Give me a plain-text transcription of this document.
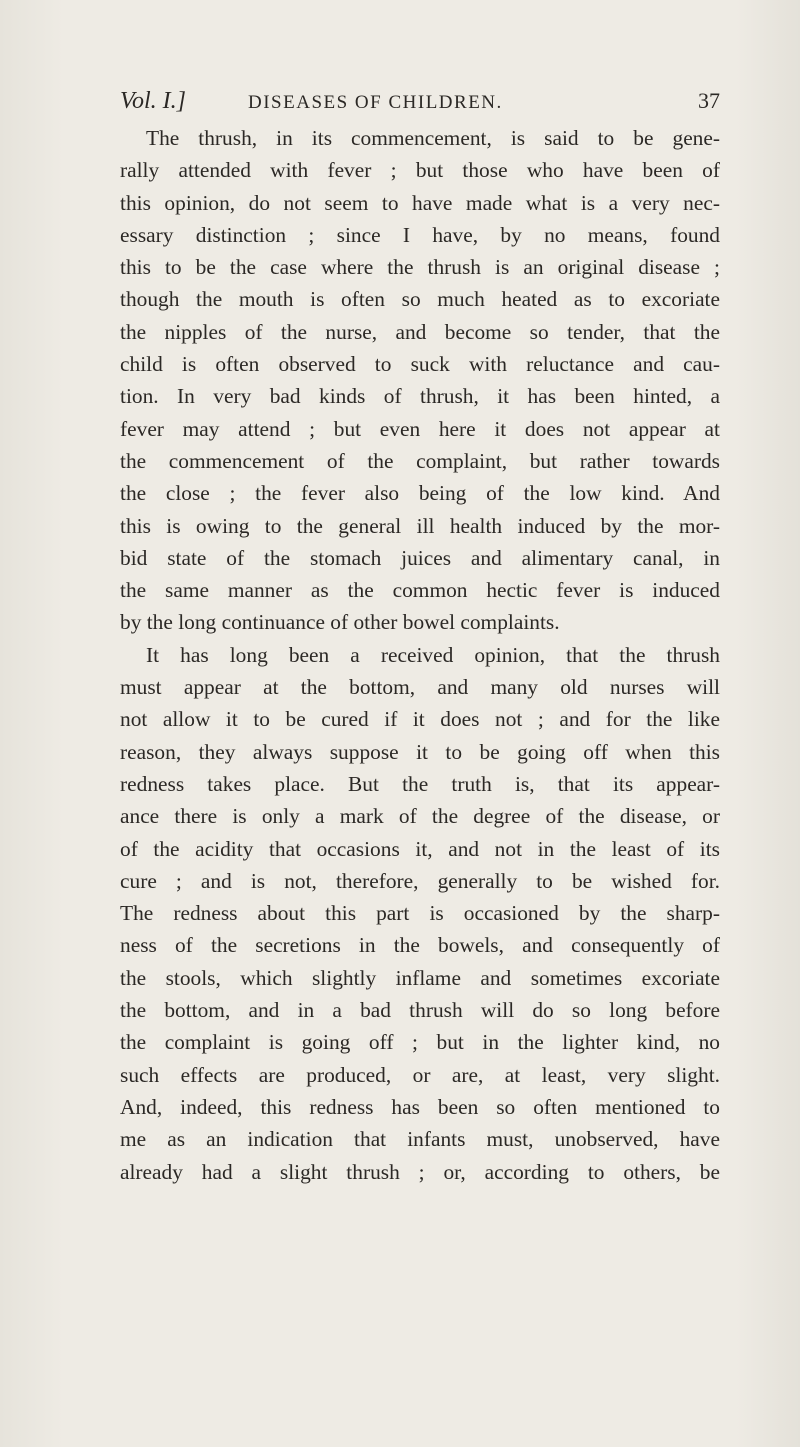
Vol. I.]	DISEASES OF CHILDREN.	37
The thrush, in its commencement, is said to be gene-
rally attended with fever ; but those who have been of
this opinion, do not seem to have made what is a very nec-
essary distinction ; since I have, by no means, found
this to be the case where the thrush is an original disease ;
though the mouth is often so much heated as to excoriate
the nipples of the nurse, and become so tender, that the
child is often observed to suck with reluctance and cau-
tion. In very bad kinds of thrush, it has been hinted, a
fever may attend ; but even here it does not appear at
the commencement of the complaint, but rather towards
the close ; the fever also being of the low kind. And
this is owing to the general ill health induced by the mor-
bid state of the stomach juices and alimentary canal, in
the same manner as the common hectic fever is induced
by the long continuance of other bowel complaints.
It has long been a received opinion, that the thrush
must appear at the bottom, and many old nurses will
not allow it to be cured if it does not ; and for the like
reason, they always suppose it to be going off when this
redness takes place. But the truth is, that its appear-
ance there is only a mark of the degree of the disease, or
of the acidity that occasions it, and not in the least of its
cure ; and is not, therefore, generally to be wished for.
The redness about this part is occasioned by the sharp-
ness of the secretions in the bowels, and consequently of
the stools, which slightly inflame and sometimes excoriate
the bottom, and in a bad thrush will do so long before
the complaint is going off ; but in the lighter kind, no
such effects are produced, or are, at least, very slight.
And, indeed, this redness has been so often mentioned to
me as an indication that infants must, unobserved, have
already had a slight thrush ; or, according to others, be
